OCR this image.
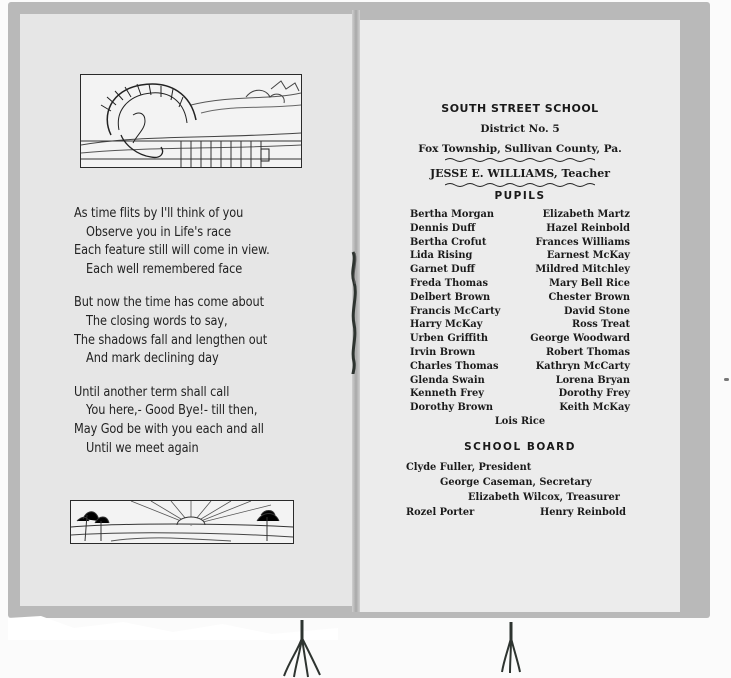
As time flits by I'll think of you
Observe you in Life's race
Each feature still will come in view.
Each well remembered face
But now the time has come about
The closing words to say,
The shadows fall and lengthen out
And mark declining day
Until another term shall call
You here,- Good Bye!- till then,
May God be with you each and all
Until we meet again
SOUTH STREET SCHOOL
District No. 5
Fox Township, Sullivan County, Pa.
JESSE E. WILLIAMS, Teacher
PUPILS
Bertha Morgan	Elizabeth Martz
Dennis Duff	Hazel Reinbold
Bertha Crofut	Frances Williams
Lida Rising	Earnest McKay
Garnet Duff	Mildred Mitchley
Freda Thomas	Mary Bell Rice
Delbert Brown	Chester Brown
Francis McCarty	David Stone
Harry McKay	Ross Treat
Urben Griffith	George Woodward
Irvin Brown	Robert Thomas
Charles Thomas	Kathryn McCarty
Glenda Swain	Lorena Bryan
Kenneth Frey	Dorothy Frey
Dorothy Brown	Keith McKay
Lois Rice
SCHOOL BOARD
Clyde Fuller, President
George Caseman, Secretary
Elizabeth Wilcox, Treasurer
Rozel Porter	Henry Reinbold
